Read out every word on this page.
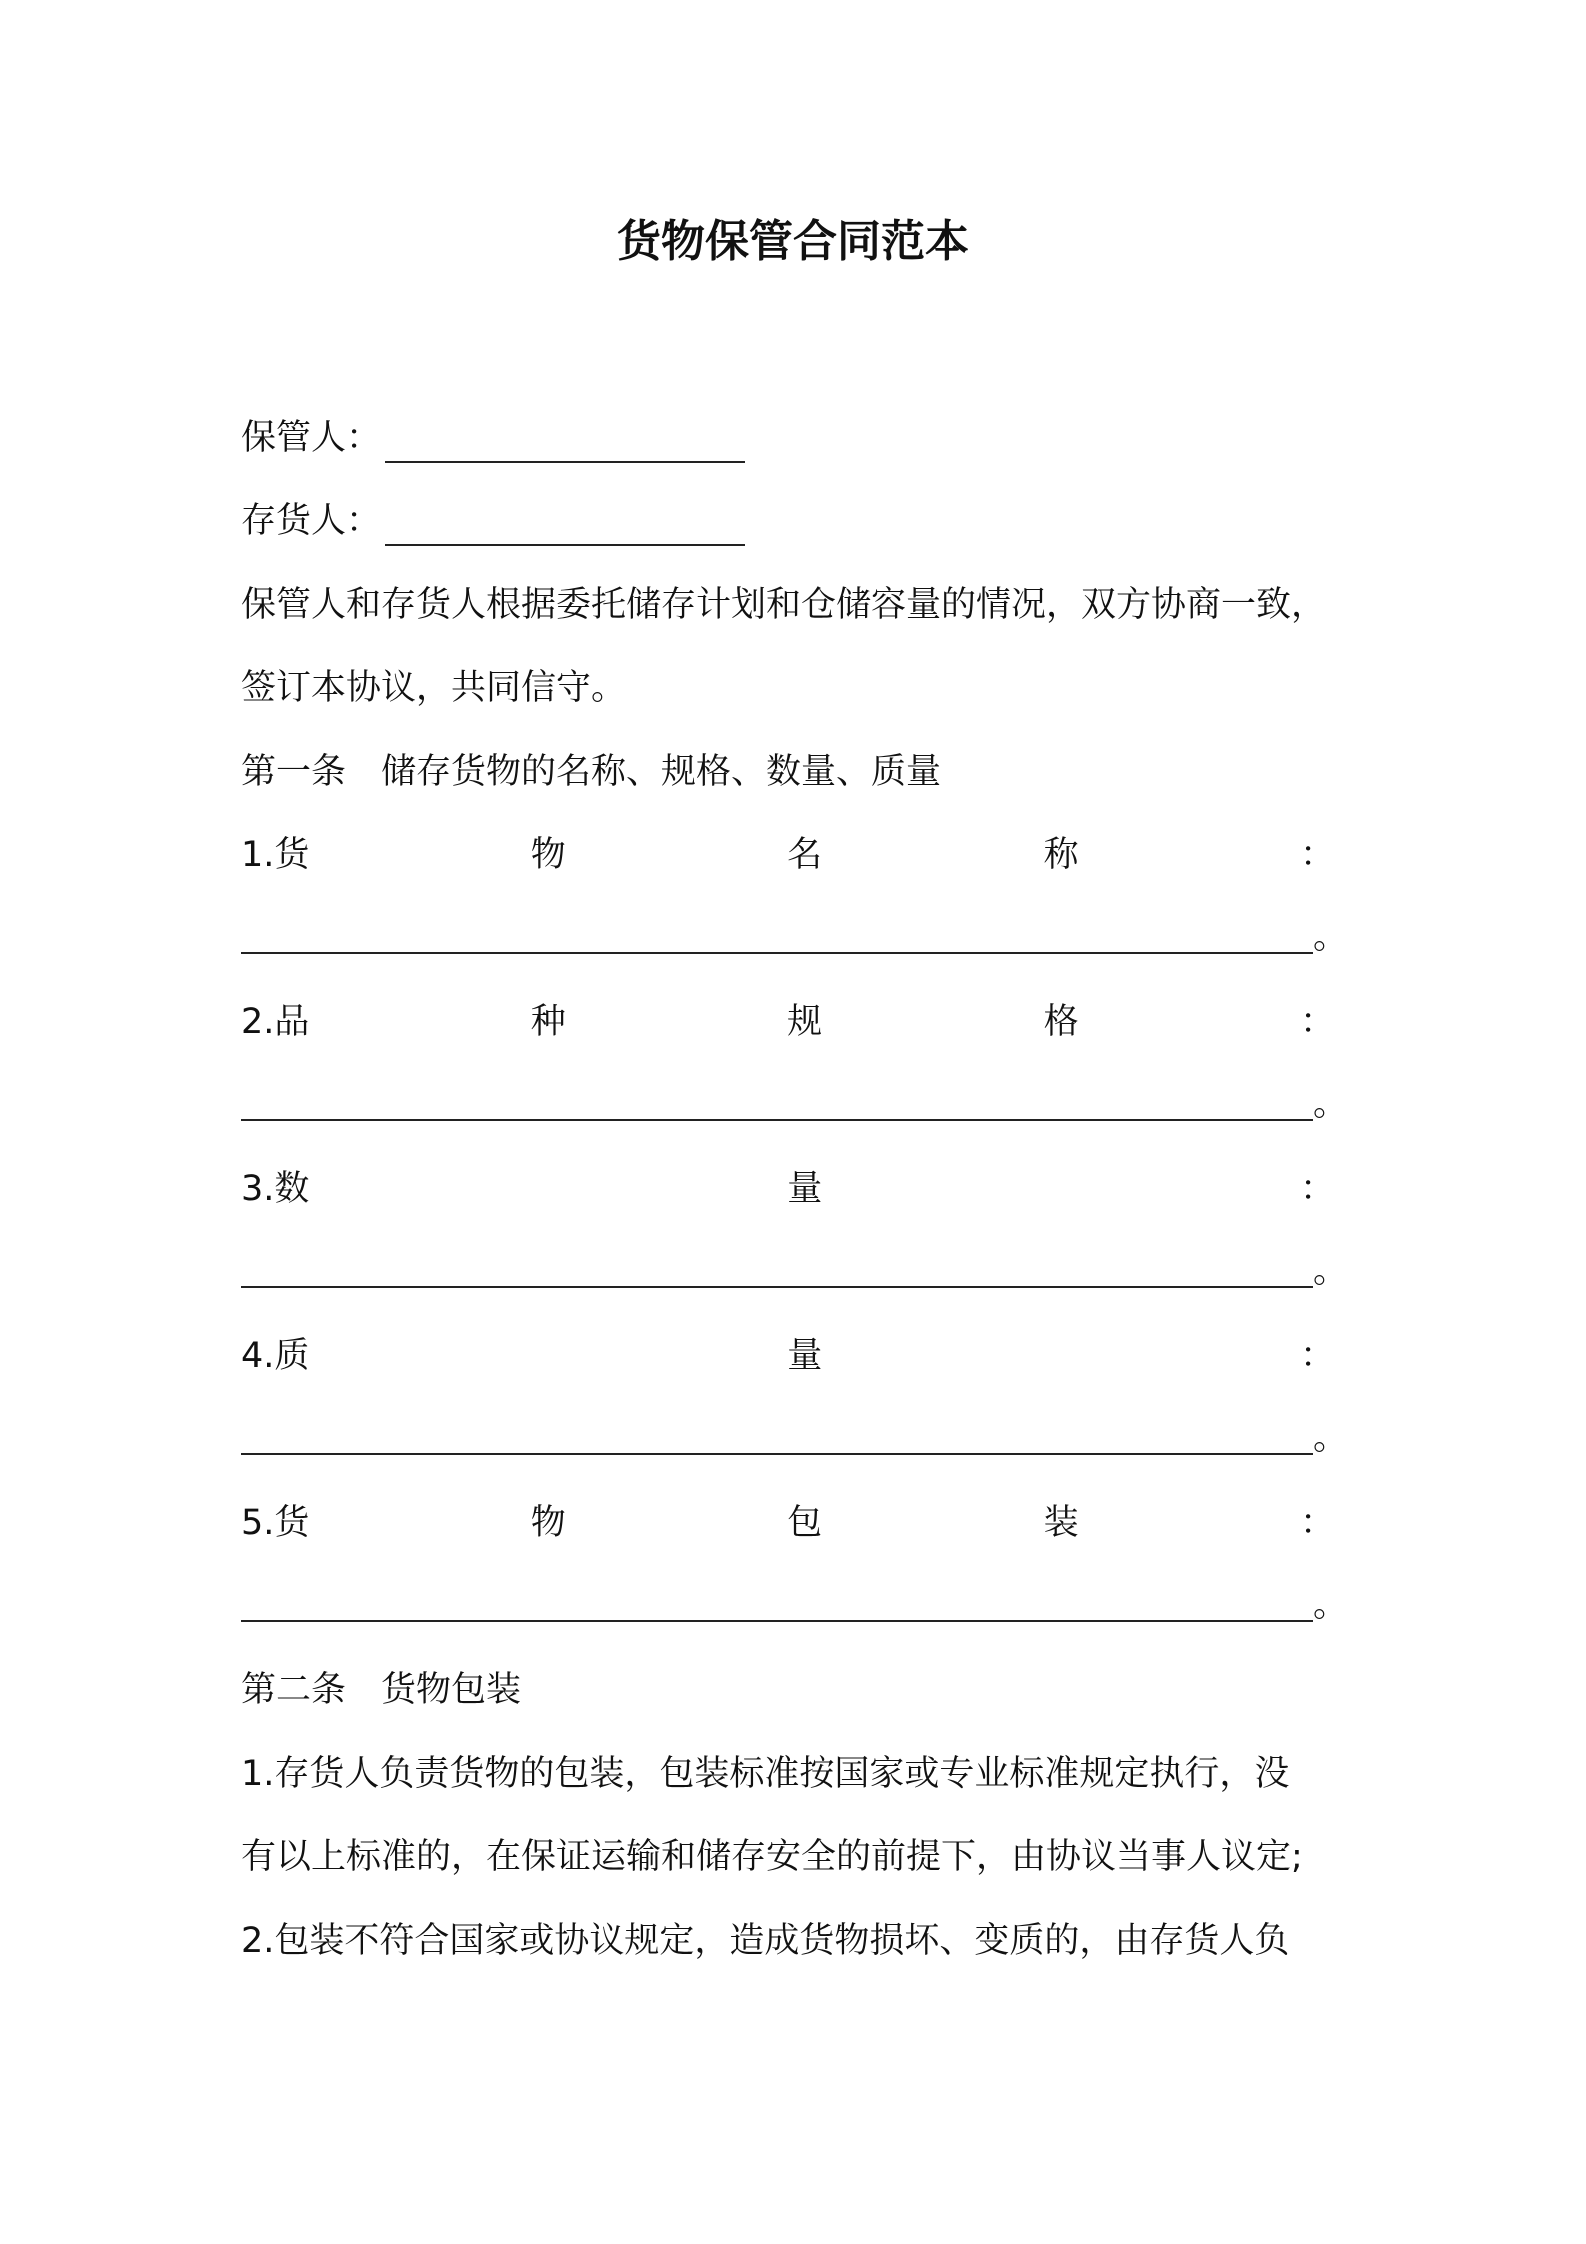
货物保管合同范本
保管人：
存货人：
保管人和存货人根据委托储存计划和仓储容量的情况，双方协商一致，
签订本协议，共同信守。
第一条　储存货物的名称、规格、数量、质量
1.货	物	名	称	：
。
2.品	种	规	格	：
。
3.数	量	：
。
4.质	量	：
。
5.货	物	包	装	：
。
第二条　货物包装
1.存货人负责货物的包装，包装标准按国家或专业标准规定执行，没
有以上标准的，在保证运输和储存安全的前提下，由协议当事人议定;
2.包装不符合国家或协议规定，造成货物损坏、变质的，由存货人负
